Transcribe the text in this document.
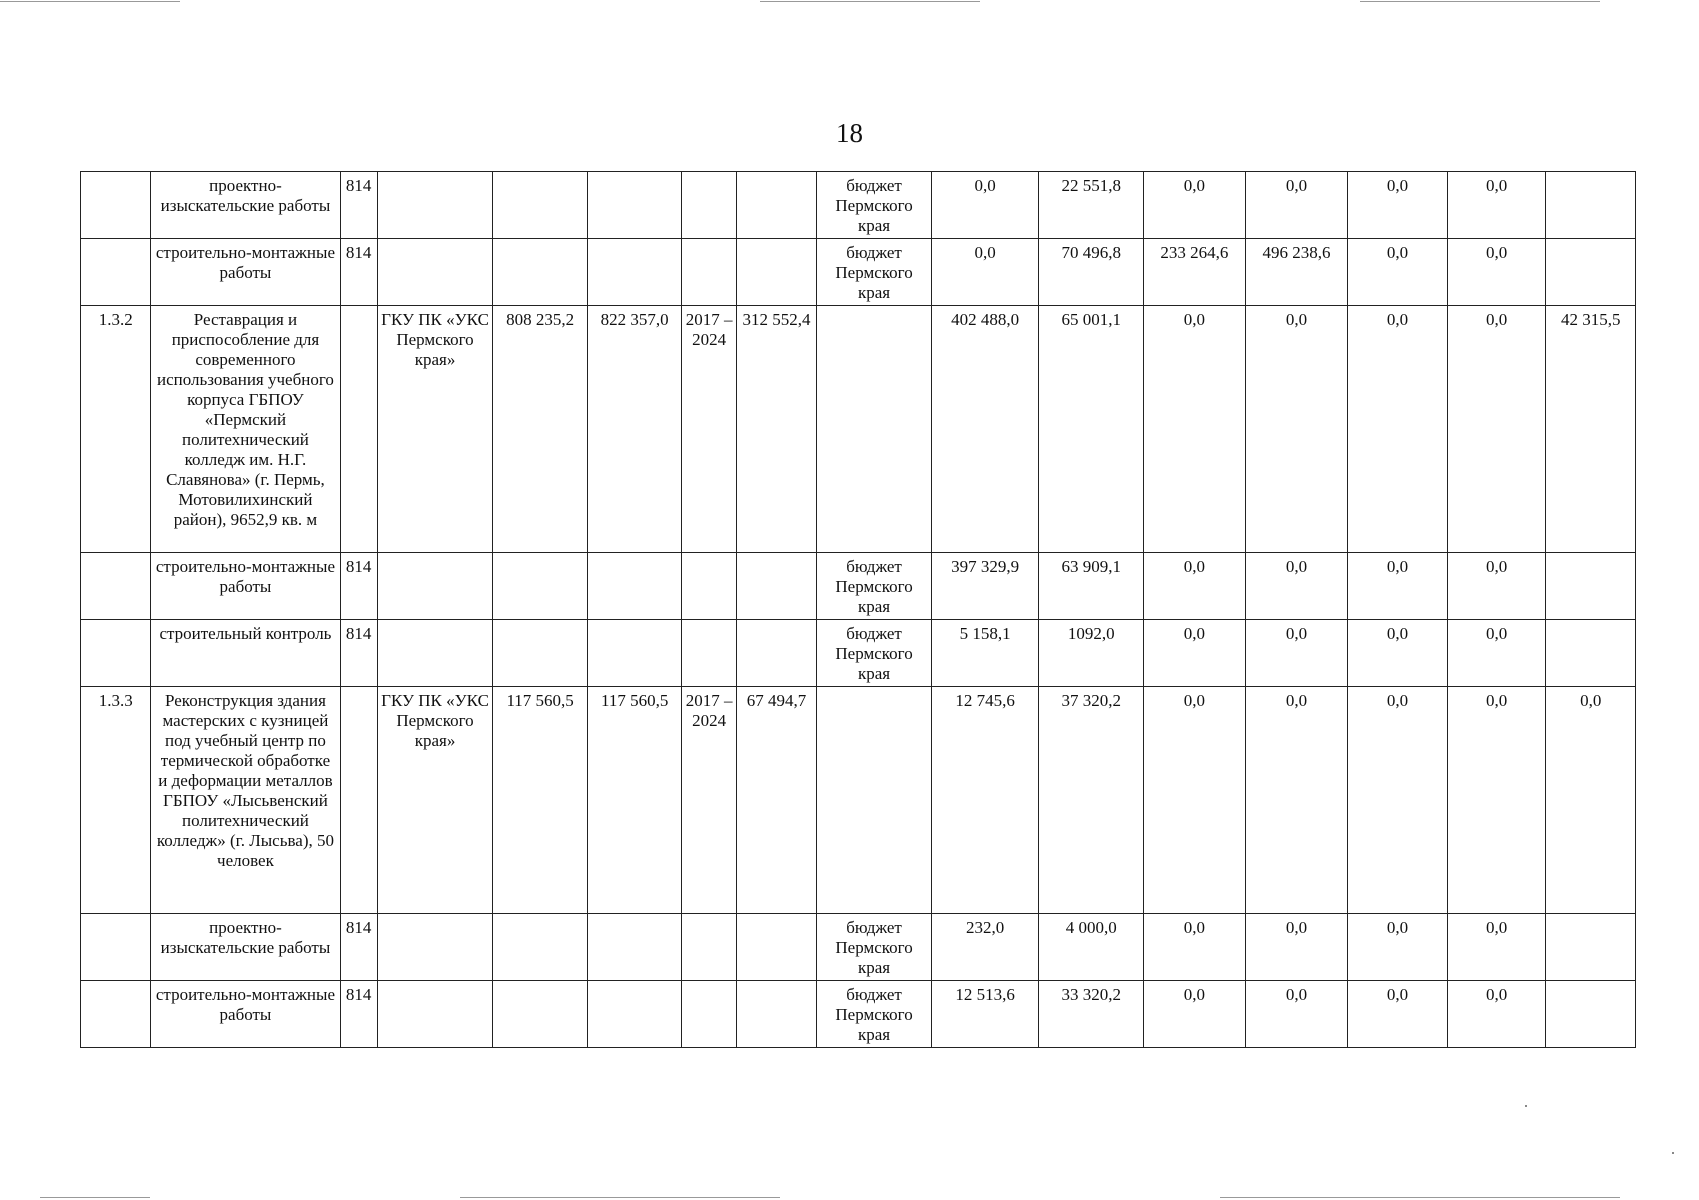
18
	проектно-изыскательские работы	814						бюджет Пермского края	0,0	22 551,8	0,0	0,0	0,0	0,0	
	строительно-монтажные работы	814						бюджет Пермского края	0,0	70 496,8	233 264,6	496 238,6	0,0	0,0	
1.3.2	Реставрация и приспособление для современного использования учебного корпуса ГБПОУ «Пермский политехнический колледж им. Н.Г. Славянова» (г. Пермь, Мотовилихинский район), 9652,9 кв. м		ГКУ ПК «УКС Пермского края»	808 235,2	822 357,0	2017 – 2024	312 552,4		402 488,0	65 001,1	0,0	0,0	0,0	0,0	42 315,5
	строительно-монтажные работы	814						бюджет Пермского края	397 329,9	63 909,1	0,0	0,0	0,0	0,0	
	строительный контроль	814						бюджет Пермского края	5 158,1	1092,0	0,0	0,0	0,0	0,0	
1.3.3	Реконструкция здания мастерских с кузницей под учебный центр по термической обработке и деформации металлов ГБПОУ «Лысьвенский политехнический колледж» (г. Лысьва), 50 человек		ГКУ ПК «УКС Пермского края»	117 560,5	117 560,5	2017 – 2024	67 494,7		12 745,6	37 320,2	0,0	0,0	0,0	0,0	0,0
	проектно-изыскательские работы	814						бюджет Пермского края	232,0	4 000,0	0,0	0,0	0,0	0,0	
	строительно-монтажные работы	814						бюджет Пермского края	12 513,6	33 320,2	0,0	0,0	0,0	0,0	
